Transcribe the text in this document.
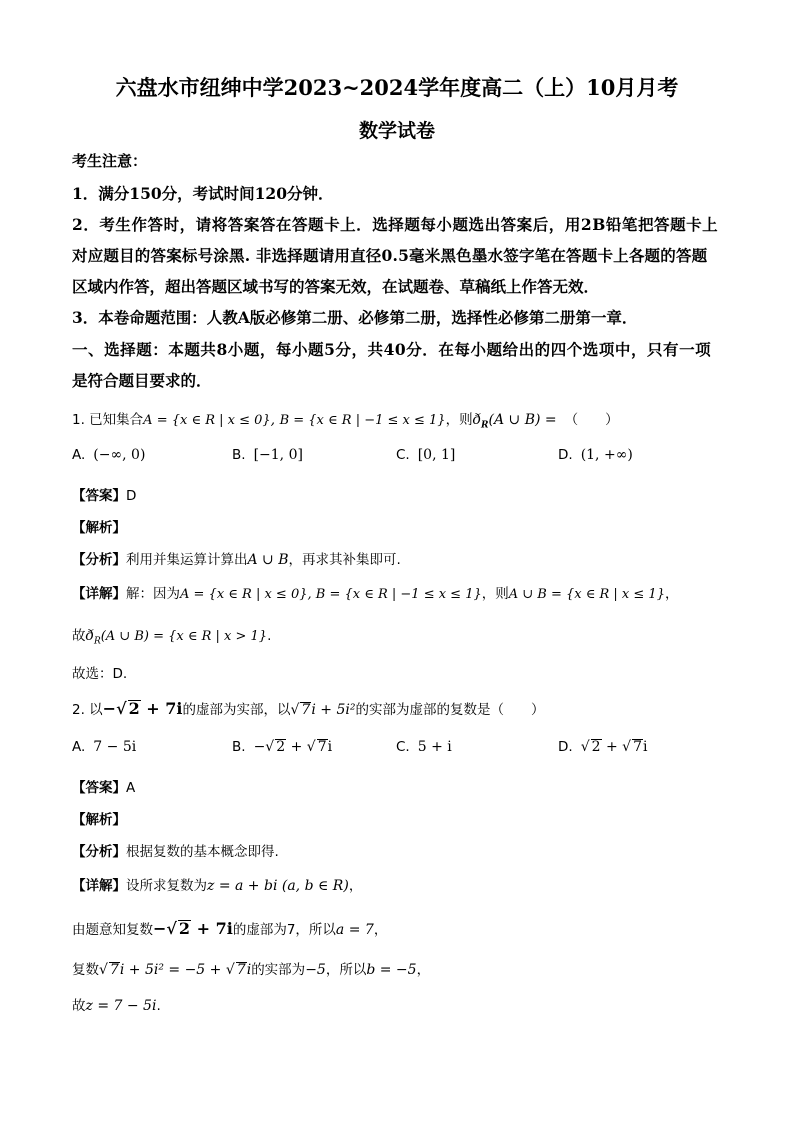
六盘水市纽绅中学2023~2024学年度高二（上）10月月考
数学试卷
考生注意：
1．满分150分，考试时间120分钟．
2．考生作答时，请将答案答在答题卡上．选择题每小题选出答案后，用2B铅笔把答题卡上
对应题目的答案标号涂黑. 非选择题请用直径0.5毫米黑色墨水签字笔在答题卡上各题的答题
区域内作答，超出答题区域书写的答案无效，在试题卷、草稿纸上作答无效．
3．本卷命题范围：人教A版必修第二册、必修第二册，选择性必修第二册第一章．
一、选择题：本题共8小题，每小题5分，共40分．在每小题给出的四个选项中，只有一项
是符合题目要求的．
1. 已知集合A = {x ∈ R | x ≤ 0}, B = {x ∈ R | −1 ≤ x ≤ 1}，则$ð_R(A$ ∪ B) = （　　）
A. (−∞, 0)	B. [−1, 0]	C. [0, 1]	D. (1, +∞)
【答案】D
【解析】
【分析】利用并集运算计算出A ∪ B，再求其补集即可.
【详解】解：因为A = {x ∈ R | x ≤ 0}, B = {x ∈ R | −1 ≤ x ≤ 1}，则A ∪ B = {x ∈ R | x ≤ 1}，
故$ð_R(A$ ∪ B) = {x ∈ R | x > 1}.
故选：D.
2. 以−√ 2 + 7i的虚部为实部，以√ 7i + 5i²的实部为虚部的复数是（　　）
A. 7 − 5i	B. −√ 2 + √ 7i	C. 5 + i	D. √ 2 + √ 7i
【答案】A
【解析】
【分析】根据复数的基本概念即得.
【详解】设所求复数为z = a + bi (a, b ∈ R)，
由题意知复数−√ 2 + 7i的虚部为7，所以a = 7，
复数√ 7i + 5i² = −5 + √ 7i的实部为−5，所以b = −5，
故z = 7 − 5i.
